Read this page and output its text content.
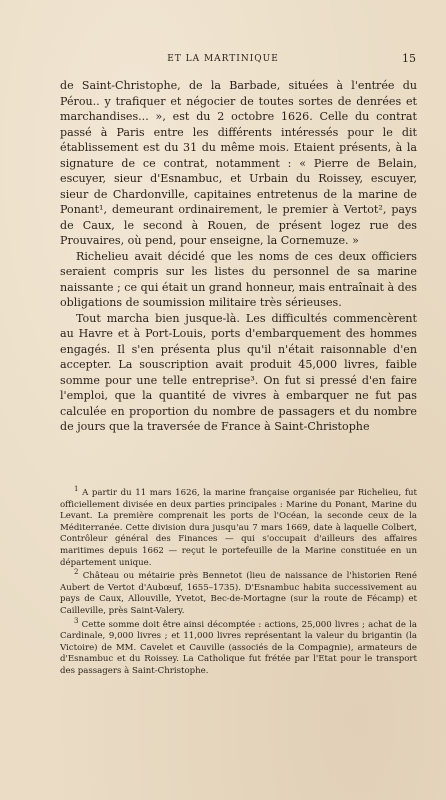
ET LA MARTINIQUE	15

de Saint-Christophe, de la Barbade, situées à l'entrée du Pérou.. y trafiquer et négocier de toutes sortes de denrées et marchandises... », est du 2 octobre 1626. Celle du contrat passé à Paris entre les différents intéressés pour le dit établissement est du 31 du même mois. Etaient présents, à la signature de ce contrat, notamment : « Pierre de Belain, escuyer, sieur d'Esnambuc, et Urbain du Roissey, escuyer, sieur de Chardonville, capitaines entretenus de la marine de Ponant¹, demeurant ordinairement, le premier à Vertot², pays de Caux, le second à Rouen, de présent logez rue des Prouvaires, où pend, pour enseigne, la Cornemuze. »

Richelieu avait décidé que les noms de ces deux officiers seraient compris sur les listes du personnel de sa marine naissante ; ce qui était un grand honneur, mais entraînait à des obligations de soumission militaire très sérieuses.

Tout marcha bien jusque-là. Les difficultés commencèrent au Havre et à Port-Louis, ports d'embarquement des hommes engagés. Il s'en présenta plus qu'il n'était raisonnable d'en accepter. La souscription avait produit 45,000 livres, faible somme pour une telle entreprise³. On fut si pressé d'en faire l'emploi, que la quantité de vivres à embarquer ne fut pas calculée en proportion du nombre de passagers et du nombre de jours que la traversée de France à Saint-Christophe

$^1$ A partir du 11 mars 1626, la marine française organisée par Richelieu, fut officiellement divisée en deux parties principales : Marine du Ponant, Marine du Levant. La première comprenait les ports de l'Océan, la seconde ceux de la Méditerranée. Cette division dura jusqu'au 7 mars 1669, date à laquelle Colbert, Contrôleur général des Finances — qui s'occupait d'ailleurs des affaires maritimes depuis 1662 — reçut le portefeuille de la Marine constituée en un département unique.

$^2$ Château ou métairie près Bennetot (lieu de naissance de l'historien René Aubert de Vertot d'Aubœuf, 1655–1735). D'Esnambuc habita successivement au pays de Caux, Allouville, Yvetot, Bec-de-Mortagne (sur la route de Fécamp) et Cailleville, près Saint-Valery.

$^3$ Cette somme doit être ainsi décomptée : actions, 25,000 livres ; achat de la Cardinale, 9,000 livres ; et 11,000 livres représentant la valeur du brigantin (la Victoire) de MM. Cavelet et Cauville (associés de la Compagnie), armateurs de d'Esnambuc et du Roissey. La Catholique fut frétée par l'Etat pour le transport des passagers à Saint-Christophe.
